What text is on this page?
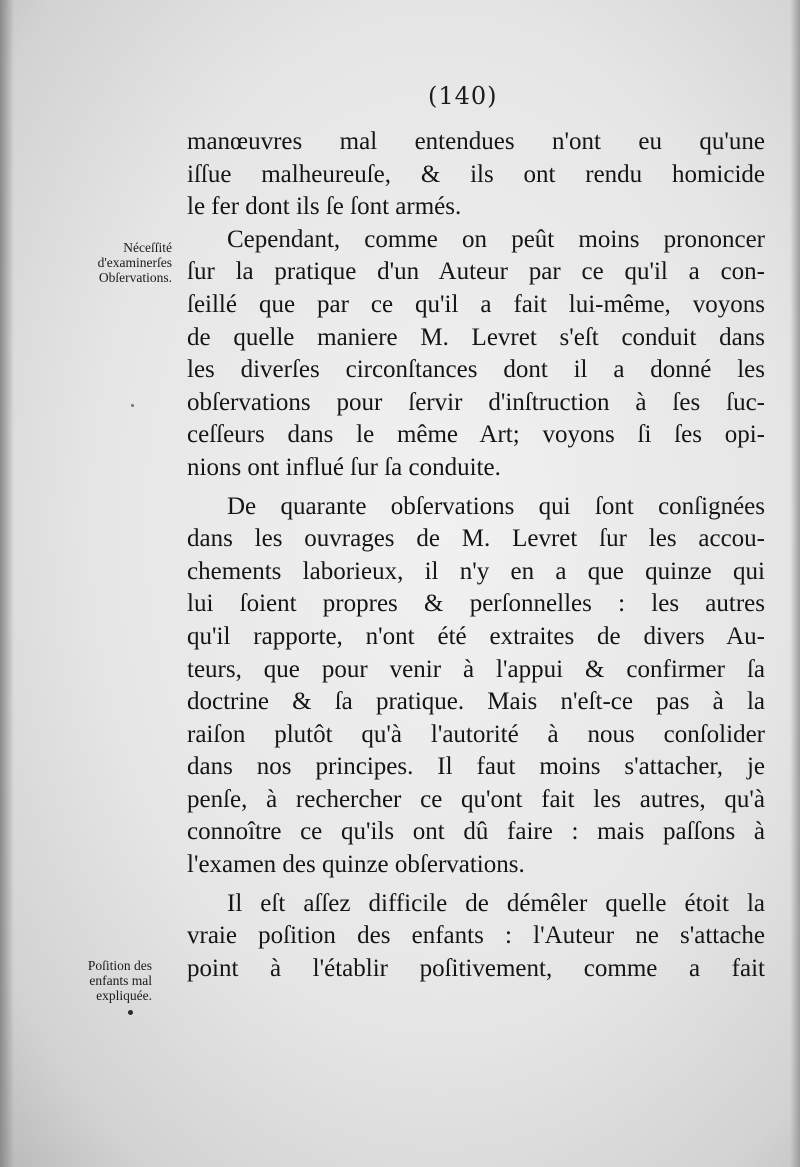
(140)
Néceſſité
d'examinerſes
Obſervations.
Poſition des
enfants mal
expliquée.
manœuvres mal entendues n'ont eu qu'une
iſſue malheureuſe, & ils ont rendu homicide
le fer dont ils ſe ſont armés.
Cependant, comme on peût moins prononcer
ſur la pratique d'un Auteur par ce qu'il a con-
ſeillé que par ce qu'il a fait lui-même, voyons
de quelle maniere M. Levret s'eſt conduit dans
les diverſes circonſtances dont il a donné les
obſervations pour ſervir d'inſtruction à ſes ſuc-
ceſſeurs dans le même Art; voyons ſi ſes opi-
nions ont influé ſur ſa conduite.
De quarante obſervations qui ſont conſignées
dans les ouvrages de M. Levret ſur les accou-
chements laborieux, il n'y en a que quinze qui
lui ſoient propres & perſonnelles : les autres
qu'il rapporte, n'ont été extraites de divers Au-
teurs, que pour venir à l'appui & confirmer ſa
doctrine & ſa pratique. Mais n'eſt-ce pas à la
raiſon plutôt qu'à l'autorité à nous conſolider
dans nos principes. Il faut moins s'attacher, je
penſe, à rechercher ce qu'ont fait les autres, qu'à
connoître ce qu'ils ont dû faire : mais paſſons à
l'examen des quinze obſervations.
Il eſt aſſez difficile de démêler quelle étoit la
vraie poſition des enfants : l'Auteur ne s'attache
point à l'établir poſitivement, comme a fait
